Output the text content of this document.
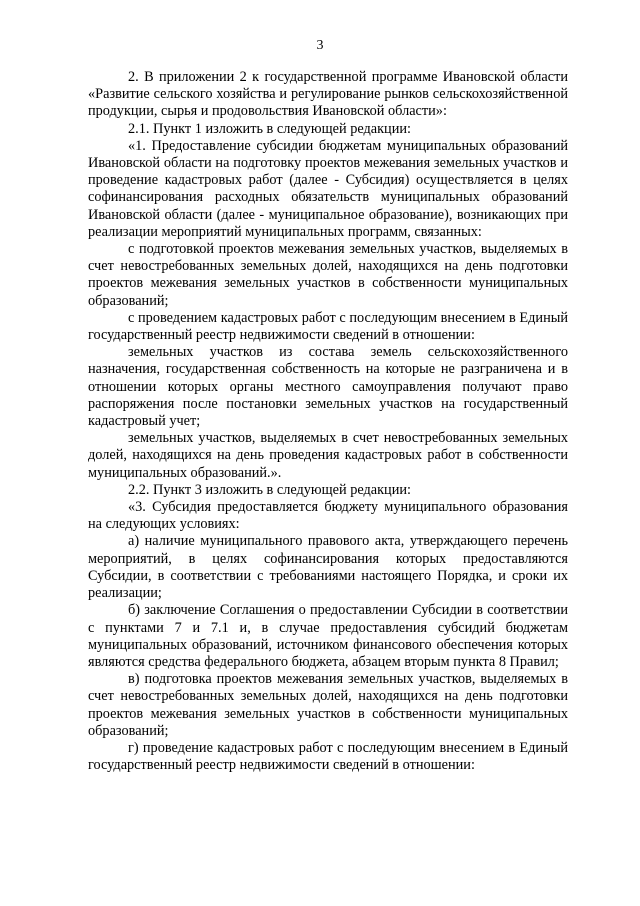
3

2. В приложении 2 к государственной программе Ивановской области «Развитие сельского хозяйства и регулирование рынков сельскохозяйственной продукции, сырья и продовольствия Ивановской области»:

2.1. Пункт 1 изложить в следующей редакции:

«1. Предоставление субсидии бюджетам муниципальных образований Ивановской области на подготовку проектов межевания земельных участков и проведение кадастровых работ (далее - Субсидия) осуществляется в целях софинансирования расходных обязательств муниципальных образований Ивановской области (далее - муниципальное образование), возникающих при реализации мероприятий муниципальных программ, связанных:

с подготовкой проектов межевания земельных участков, выделяемых в счет невостребованных земельных долей, находящихся на день подготовки проектов межевания земельных участков в собственности муниципальных образований;

с проведением кадастровых работ с последующим внесением в Единый государственный реестр недвижимости сведений в отношении:

земельных участков из состава земель сельскохозяйственного назначения, государственная собственность на которые не разграничена и в отношении которых органы местного самоуправления получают право распоряжения после постановки земельных участков на государственный кадастровый учет;

земельных участков, выделяемых в счет невостребованных земельных долей, находящихся на день проведения кадастровых работ в собственности муниципальных образований.».

2.2. Пункт 3 изложить в следующей редакции:

«3. Субсидия предоставляется бюджету муниципального образования на следующих условиях:

а) наличие муниципального правового акта, утверждающего перечень мероприятий, в целях софинансирования которых предоставляются Субсидии, в соответствии с требованиями настоящего Порядка, и сроки их реализации;

б) заключение Соглашения о предоставлении Субсидии в соответствии с пунктами 7 и 7.1 и, в случае предоставления субсидий бюджетам муниципальных образований, источником финансового обеспечения которых являются средства федерального бюджета, абзацем вторым пункта 8 Правил;

в) подготовка проектов межевания земельных участков, выделяемых в счет невостребованных земельных долей, находящихся на день подготовки проектов межевания земельных участков в собственности муниципальных образований;

г) проведение кадастровых работ с последующим внесением в Единый государственный реестр недвижимости сведений в отношении:
